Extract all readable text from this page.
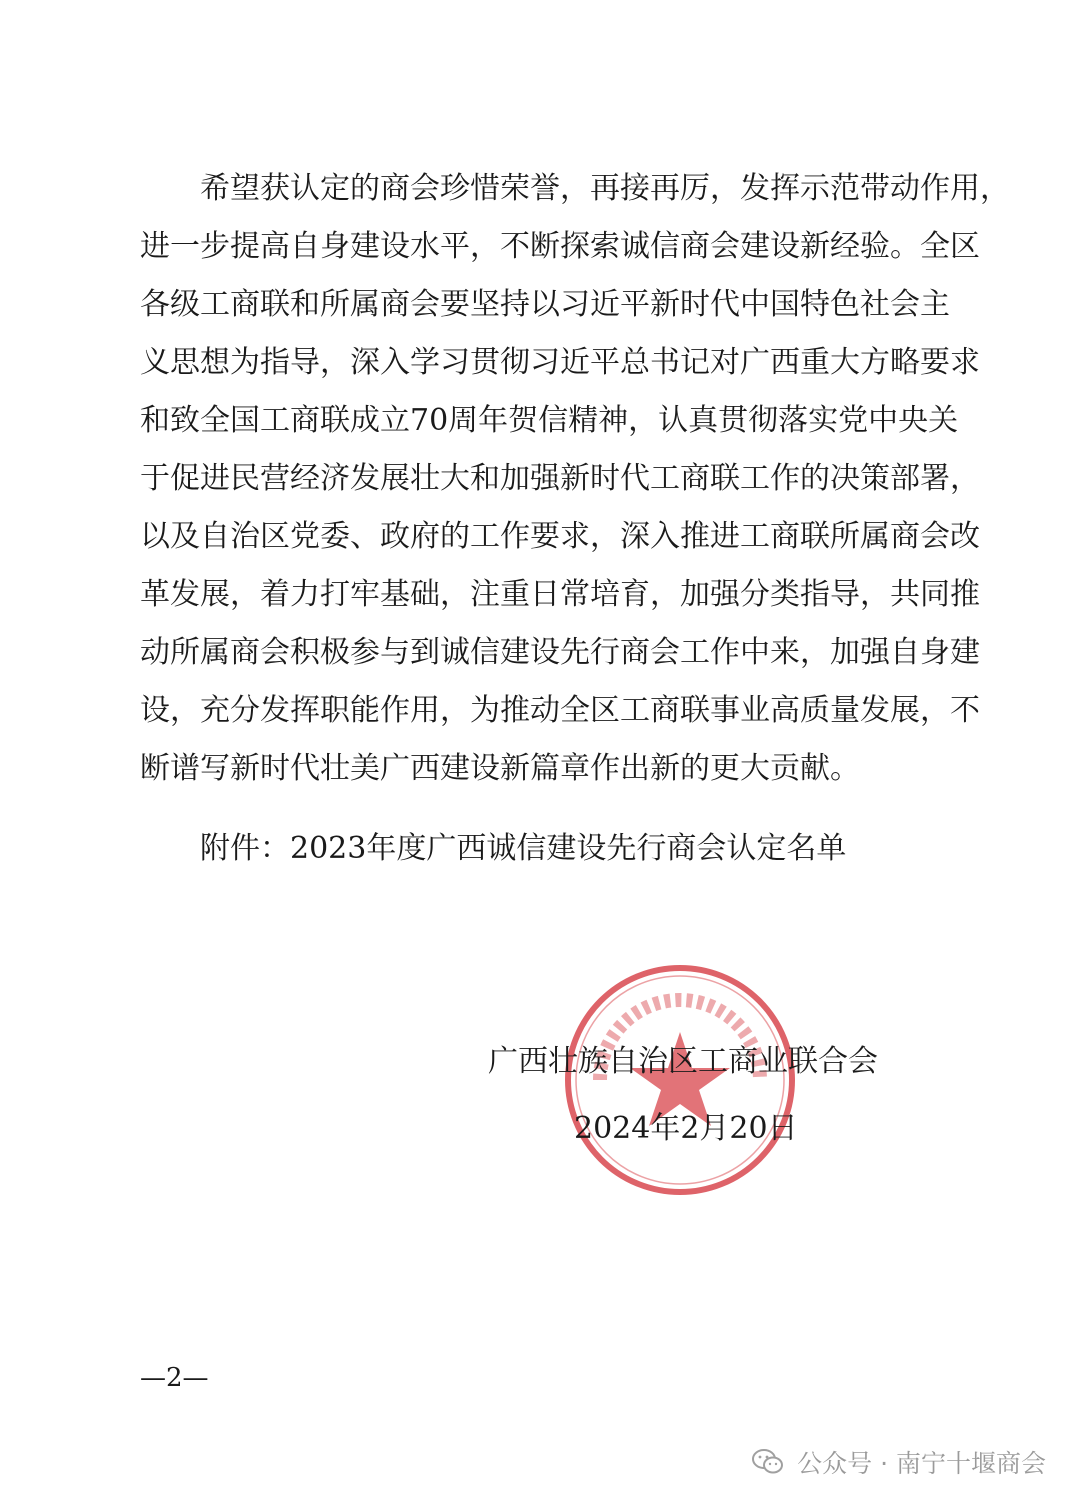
希望获认定的商会珍惜荣誉，再接再厉，发挥示范带动作用，
进一步提高自身建设水平，不断探索诚信商会建设新经验。全区
各级工商联和所属商会要坚持以习近平新时代中国特色社会主
义思想为指导，深入学习贯彻习近平总书记对广西重大方略要求
和致全国工商联成立70周年贺信精神，认真贯彻落实党中央关
于促进民营经济发展壮大和加强新时代工商联工作的决策部署，
以及自治区党委、政府的工作要求，深入推进工商联所属商会改
革发展，着力打牢基础，注重日常培育，加强分类指导，共同推
动所属商会积极参与到诚信建设先行商会工作中来，加强自身建
设，充分发挥职能作用，为推动全区工商联事业高质量发展，不
断谱写新时代壮美广西建设新篇章作出新的更大贡献。
附件：2023年度广西诚信建设先行商会认定名单
广西壮族自治区工商业联合会
2024年2月20日
—2—
公众号 · 南宁十堰商会
